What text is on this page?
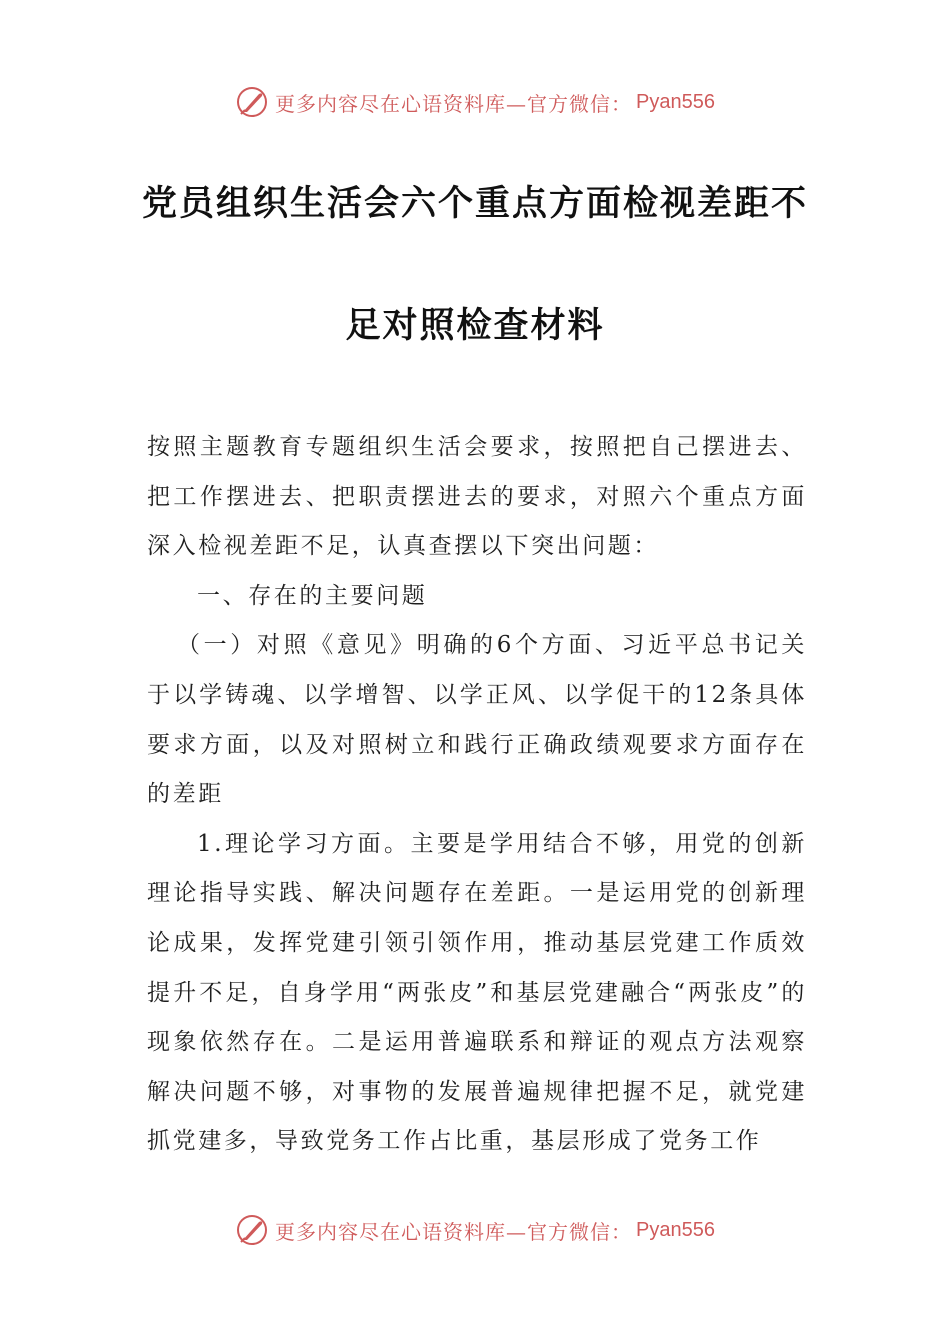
更多内容尽在心语资料库—官方微信： Pyan556
党员组织生活会六个重点方面检视差距不
足对照检查材料

按照主题教育专题组织生活会要求，按照把自己摆进去、把工作摆进去、把职责摆进去的要求，对照六个重点方面深入检视差距不足，认真查摆以下突出问题：

一、存在的主要问题

（一）对照《意见》明确的6个方面、习近平总书记关于以学铸魂、以学增智、以学正风、以学促干的12条具体要求方面，以及对照树立和践行正确政绩观要求方面存在的差距

1.理论学习方面。主要是学用结合不够，用党的创新理论指导实践、解决问题存在差距。一是运用党的创新理论成果，发挥党建引领引领作用，推动基层党建工作质效提升不足，自身学用“两张皮”和基层党建融合“两张皮”的现象依然存在。二是运用普遍联系和辩证的观点方法观察解决问题不够，对事物的发展普遍规律把握不足，就党建抓党建多，导致党务工作占比重，基层形成了党务工作

更多内容尽在心语资料库—官方微信： Pyan556
